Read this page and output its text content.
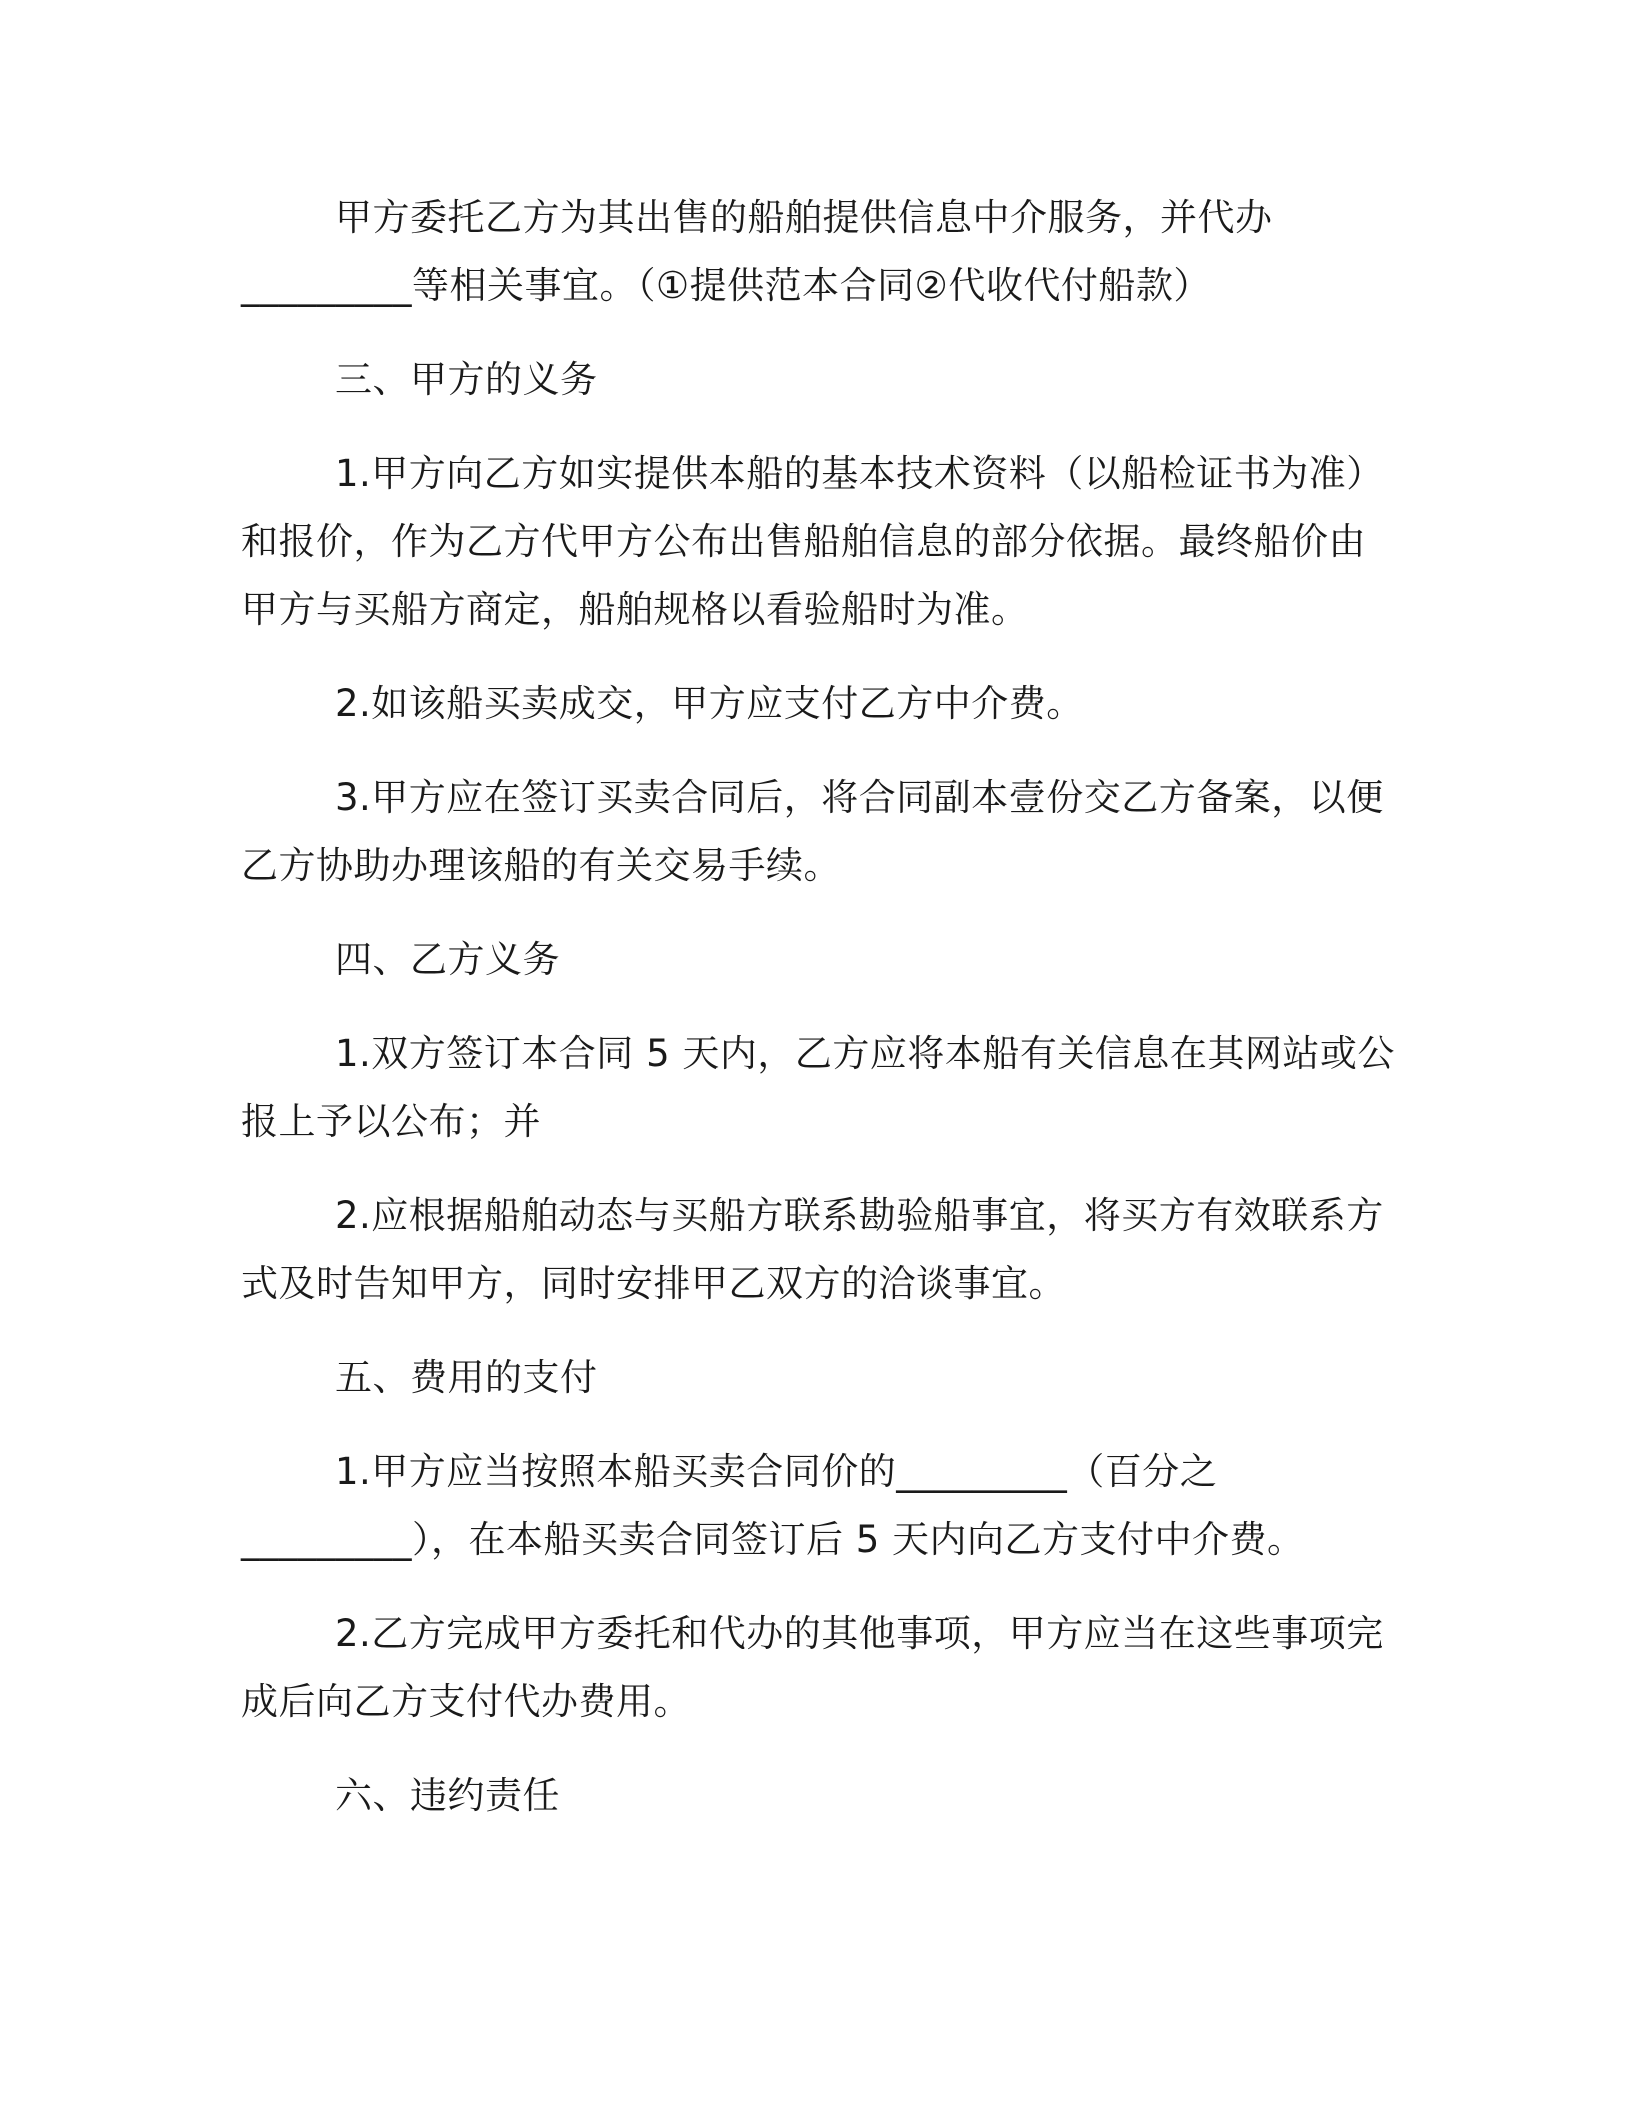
甲方委托乙方为其出售的船舶提供信息中介服务，并代办
_________等相关事宜。（①提供范本合同②代收代付船款）
三、甲方的义务
1.甲方向乙方如实提供本船的基本技术资料（以船检证书为准）
和报价，作为乙方代甲方公布出售船舶信息的部分依据。最终船价由
甲方与买船方商定，船舶规格以看验船时为准。
2.如该船买卖成交，甲方应支付乙方中介费。
3.甲方应在签订买卖合同后，将合同副本壹份交乙方备案，以便
乙方协助办理该船的有关交易手续。
四、乙方义务
1.双方签订本合同 5 天内，乙方应将本船有关信息在其网站或公
报上予以公布；并
2.应根据船舶动态与买船方联系勘验船事宜，将买方有效联系方
式及时告知甲方，同时安排甲乙双方的洽谈事宜。
五、费用的支付
1.甲方应当按照本船买卖合同价的_________（百分之
_________），在本船买卖合同签订后 5 天内向乙方支付中介费。
2.乙方完成甲方委托和代办的其他事项，甲方应当在这些事项完
成后向乙方支付代办费用。
六、违约责任
